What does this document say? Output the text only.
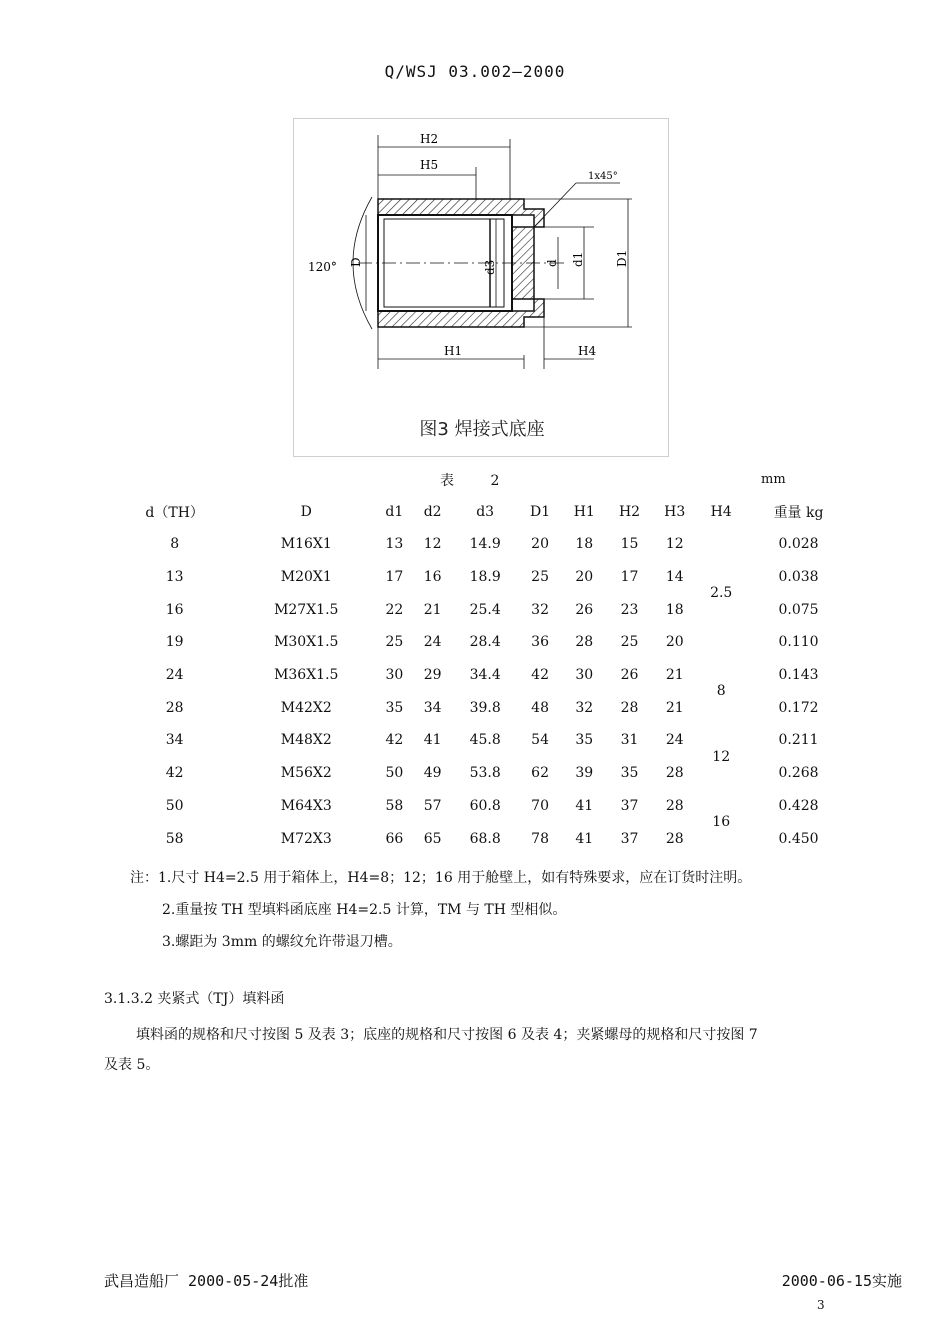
Q/WSJ 03.002—2000
H2
H5
H1	H4
1x45°
120° D	d3	d d1	D1
图3 焊接式底座
表 2	mm
d（TH）	D	d1	d2	d3	D1	H1	H2	H3	H4	重量 kg
8	M16X1	13	12	14.9	20	18	15	12	2.5	0.028
13	M20X1	17	16	18.9	25	20	17	14		0.038
16	M27X1.5	22	21	25.4	32	26	23	18		0.075
19	M30X1.5	25	24	28.4	36	28	25	20		0.110
24	M36X1.5	30	29	34.4	42	30	26	21	8	0.143
28	M42X2	35	34	39.8	48	32	28	21		0.172
34	M48X2	42	41	45.8	54	35	31	24	12	0.211
42	M56X2	50	49	53.8	62	39	35	28		0.268
50	M64X3	58	57	60.8	70	41	37	28	16	0.428
58	M72X3	66	65	68.8	78	41	37	28		0.450
注：1.尺寸 H4=2.5 用于箱体上，H4=8；12；16 用于舱壁上，如有特殊要求，应在订货时注明。
2.重量按 TH 型填料函底座 H4=2.5 计算，TM 与 TH 型相似。
3.螺距为 3mm 的螺纹允许带退刀槽。
3.1.3.2 夹紧式（TJ）填料函
填料函的规格和尺寸按图 5 及表 3；底座的规格和尺寸按图 6 及表 4；夹紧螺母的规格和尺寸按图 7
及表 5。
武昌造船厂 2000-05-24批准	2000-06-15实施
3
